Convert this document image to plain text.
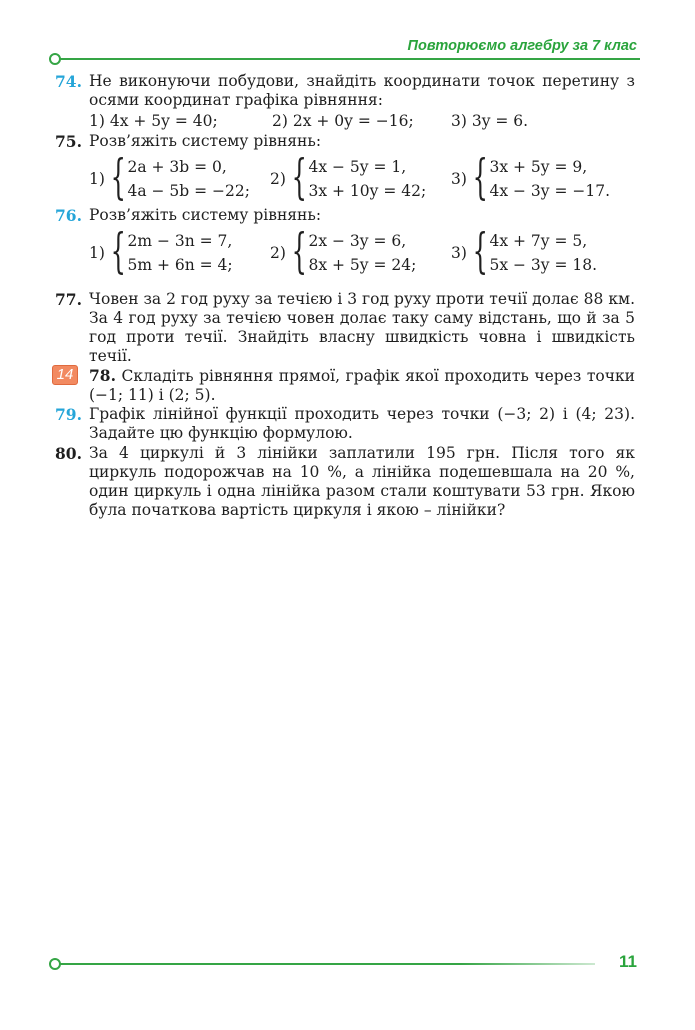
Повторюємо алгебру за 7 клас
74. Не виконуючи побудови, знайдіть координати точок перетину з осями координат графіка рівняння:
1) 4x + 5y = 40;	2) 2x + 0y = −16; 3) 3y = 6.
75. Розв’яжіть систему рівнянь:
1) { 2a + 3b = 0,
4a − 5b = −22;
2) { 4x − 5y = 1,
3x + 10y = 42;
3) { 3x + 5y = 9,
4x − 3y = −17.
76. Розв’яжіть систему рівнянь:
1) { 2m − 3n = 7,
5m + 6n = 4;
2) { 2x − 3y = 6,
8x + 5y = 24;
3) { 4x + 7y = 5,
5x − 3y = 18.
77. Човен за 2 год руху за течією і 3 год руху проти течії долає 88 км. За 4 год руху за течією човен долає таку саму відстань, що й за 5 год проти течії. Знайдіть власну швидкість човна і швидкість течії.
14	78. Складіть рівняння прямої, графік якої проходить через точки (−1; 11) і (2; 5).
79. Графік лінійної функції проходить через точки (−3; 2) і (4; 23). Задайте цю функцію формулою.
80. За 4 циркулі й 3 лінійки заплатили 195 грн. Після того як циркуль подорожчав на 10 %, а лінійка подешевшала на 20 %, один циркуль і одна лінійка разом стали коштувати 53 грн. Якою була початкова вартість циркуля і якою – лінійки?
11
